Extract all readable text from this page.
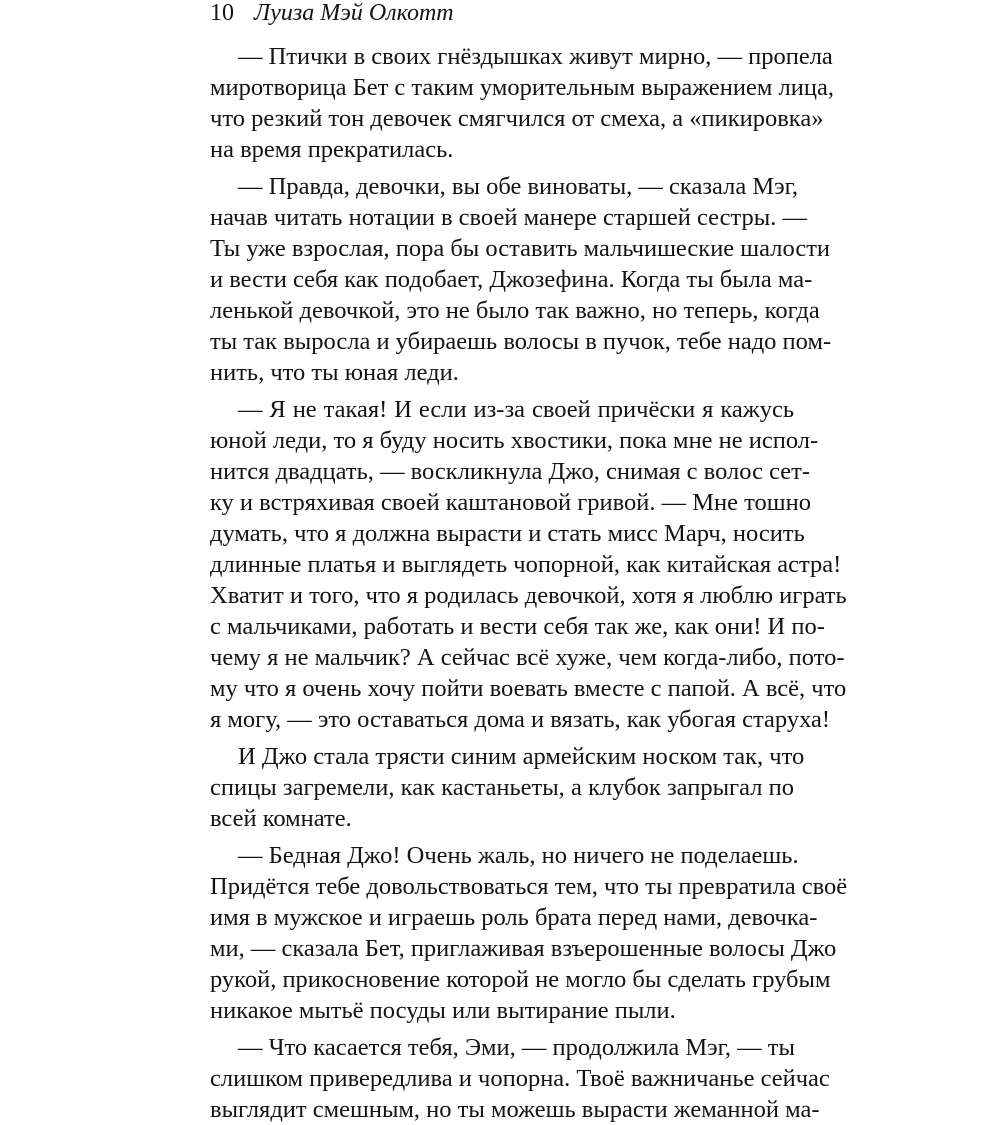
10 Луиза Мэй Олкотт
— Птички в своих гнёздышках живут мирно, — пропела
миротворица Бет с таким уморительным выражением лица,
что резкий тон девочек смягчился от смеха, а «пикировка»
на время прекратилась.
— Правда, девочки, вы обе виноваты, — сказала Мэг,
начав читать нотации в своей манере старшей сестры. —
Ты уже взрослая, пора бы оставить мальчишеские шалости
и вести себя как подобает, Джозефина. Когда ты была ма-
ленькой девочкой, это не было так важно, но теперь, когда
ты так выросла и убираешь волосы в пучок, тебе надо пом-
нить, что ты юная леди.
— Я не такая! И если из-за своей причёски я кажусь
юной леди, то я буду носить хвостики, пока мне не испол-
нится двадцать, — воскликнула Джо, снимая с волос сет-
ку и встряхивая своей каштановой гривой. — Мне тошно
думать, что я должна вырасти и стать мисс Марч, носить
длинные платья и выглядеть чопорной, как китайская астра!
Хватит и того, что я родилась девочкой, хотя я люблю играть
с мальчиками, работать и вести себя так же, как они! И по-
чему я не мальчик? А сейчас всё хуже, чем когда-либо, пото-
му что я очень хочу пойти воевать вместе с папой. А всё, что
я могу, — это оставаться дома и вязать, как убогая старуха!
И Джо стала трясти синим армейским носком так, что
спицы загремели, как кастаньеты, а клубок запрыгал по
всей комнате.
— Бедная Джо! Очень жаль, но ничего не поделаешь.
Придётся тебе довольствоваться тем, что ты превратила своё
имя в мужское и играешь роль брата перед нами, девочка-
ми, — сказала Бет, приглаживая взъерошенные волосы Джо
рукой, прикосновение которой не могло бы сделать грубым
никакое мытьё посуды или вытирание пыли.
— Что касается тебя, Эми, — продолжила Мэг, — ты
слишком привередлива и чопорна. Твоё важничанье сейчас
выглядит смешным, но ты можешь вырасти жеманной ма-
